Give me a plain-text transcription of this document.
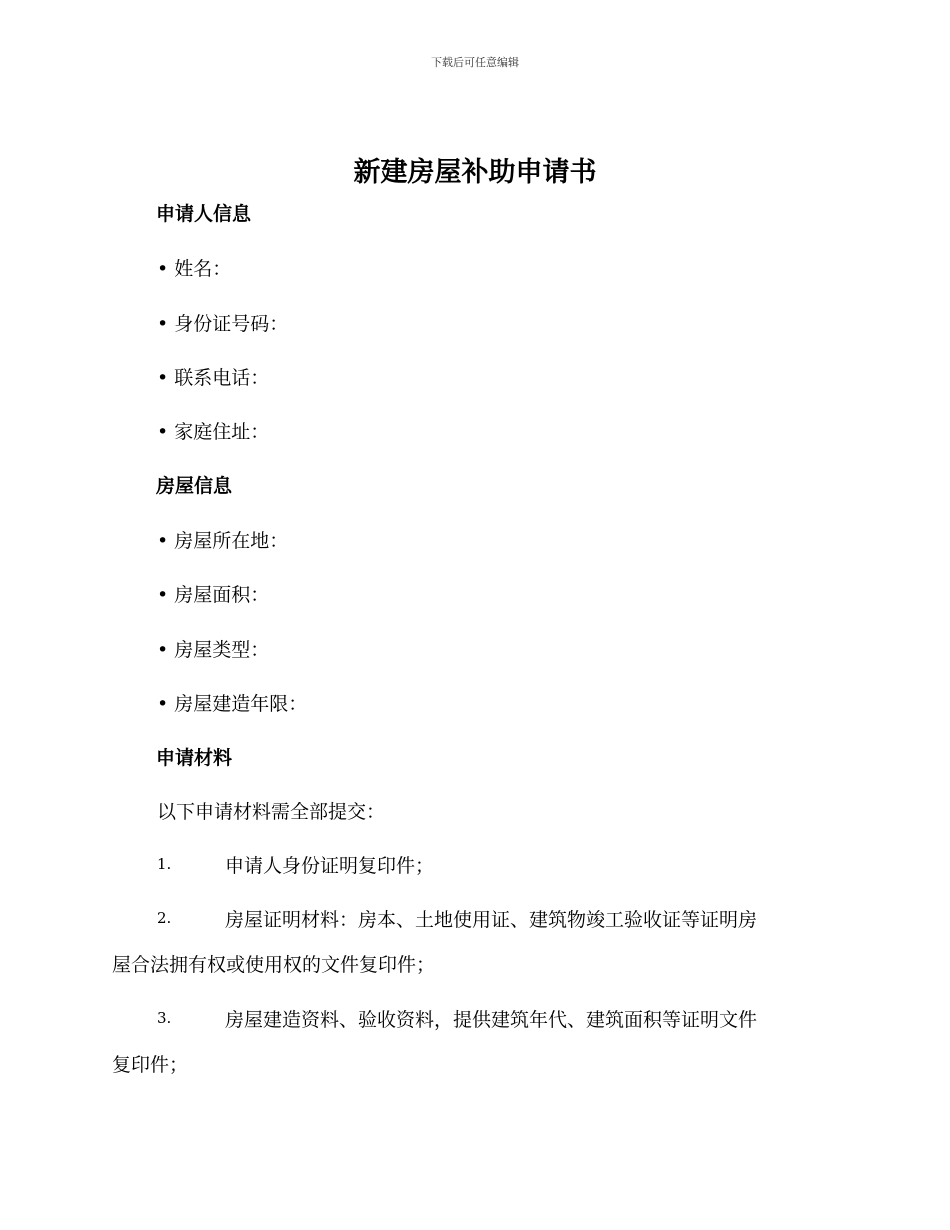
下载后可任意编辑
新建房屋补助申请书
申请人信息
• 姓名：
• 身份证号码：
• 联系电话：
• 家庭住址：
房屋信息
• 房屋所在地：
• 房屋面积：
• 房屋类型：
• 房屋建造年限：
申请材料
以下申请材料需全部提交：
1.	申请人身份证明复印件；
2.	房屋证明材料：房本、土地使用证、建筑物竣工验收证等证明房
屋合法拥有权或使用权的文件复印件；
3.	房屋建造资料、验收资料，提供建筑年代、建筑面积等证明文件
复印件；
